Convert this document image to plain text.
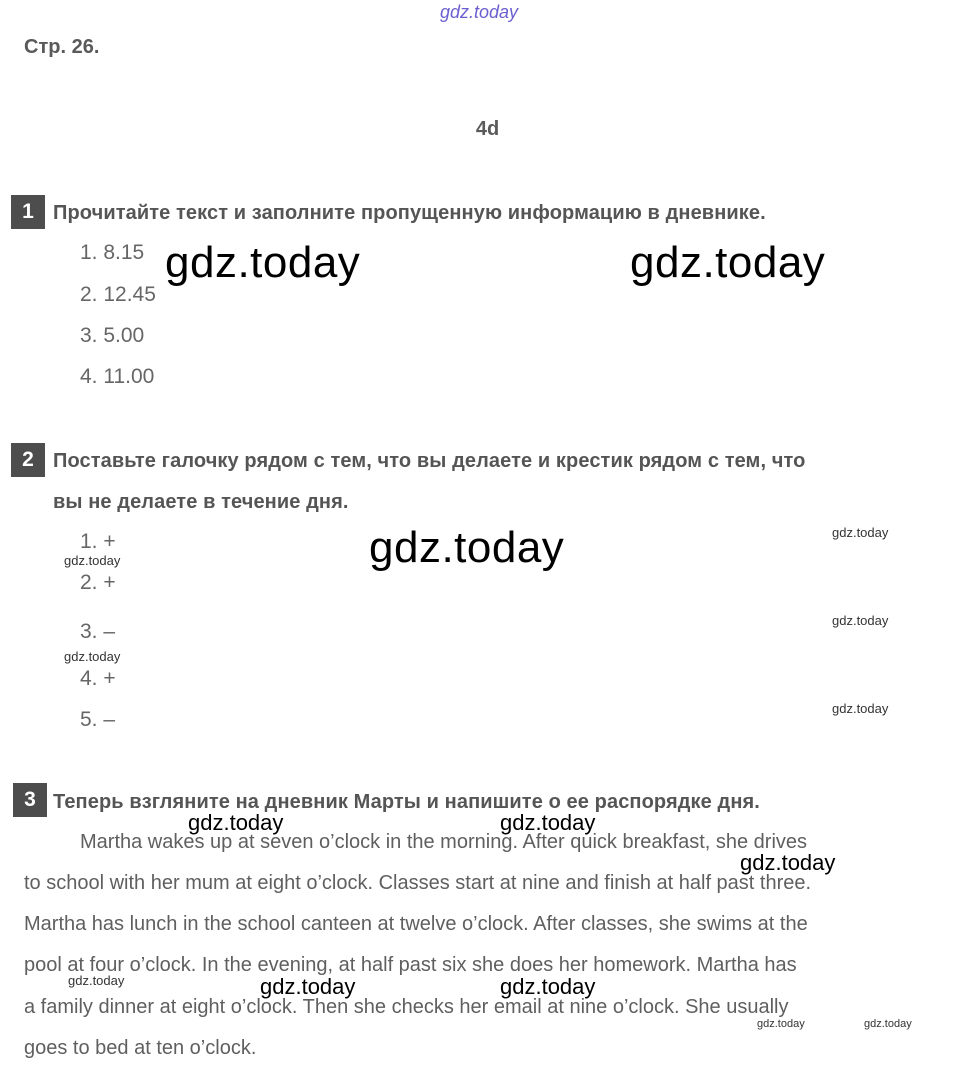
gdz.today
Стр. 26.
4d
1 Прочитайте текст и заполните пропущенную информацию в дневнике.
1. 8.15
2. 12.45
3. 5.00
4. 11.00
2 Поставьте галочку рядом с тем, что вы делаете и крестик рядом с тем, что
вы не делаете в течение дня.
1. +
2. +
3. –
4. +
5. –
3 Теперь взгляните на дневник Марты и напишите о ее распорядке дня.
Martha wakes up at seven o’clock in the morning. After quick breakfast, she drives
to school with her mum at eight o’clock. Classes start at nine and finish at half past three.
Martha has lunch in the school canteen at twelve o’clock. After classes, she swims at the
pool at four o’clock. In the evening, at half past six she does her homework. Martha has
a family dinner at eight o’clock. Then she checks her email at nine o’clock. She usually
goes to bed at ten o’clock.
gdz.today	gdz.today
gdz.today
gdz.today
gdz.today
gdz.today
gdz.today
gdz.today
gdz.today	gdz.today
gdz.today
gdz.today	gdz.today
gdz.today
gdz.today	gdz.today
